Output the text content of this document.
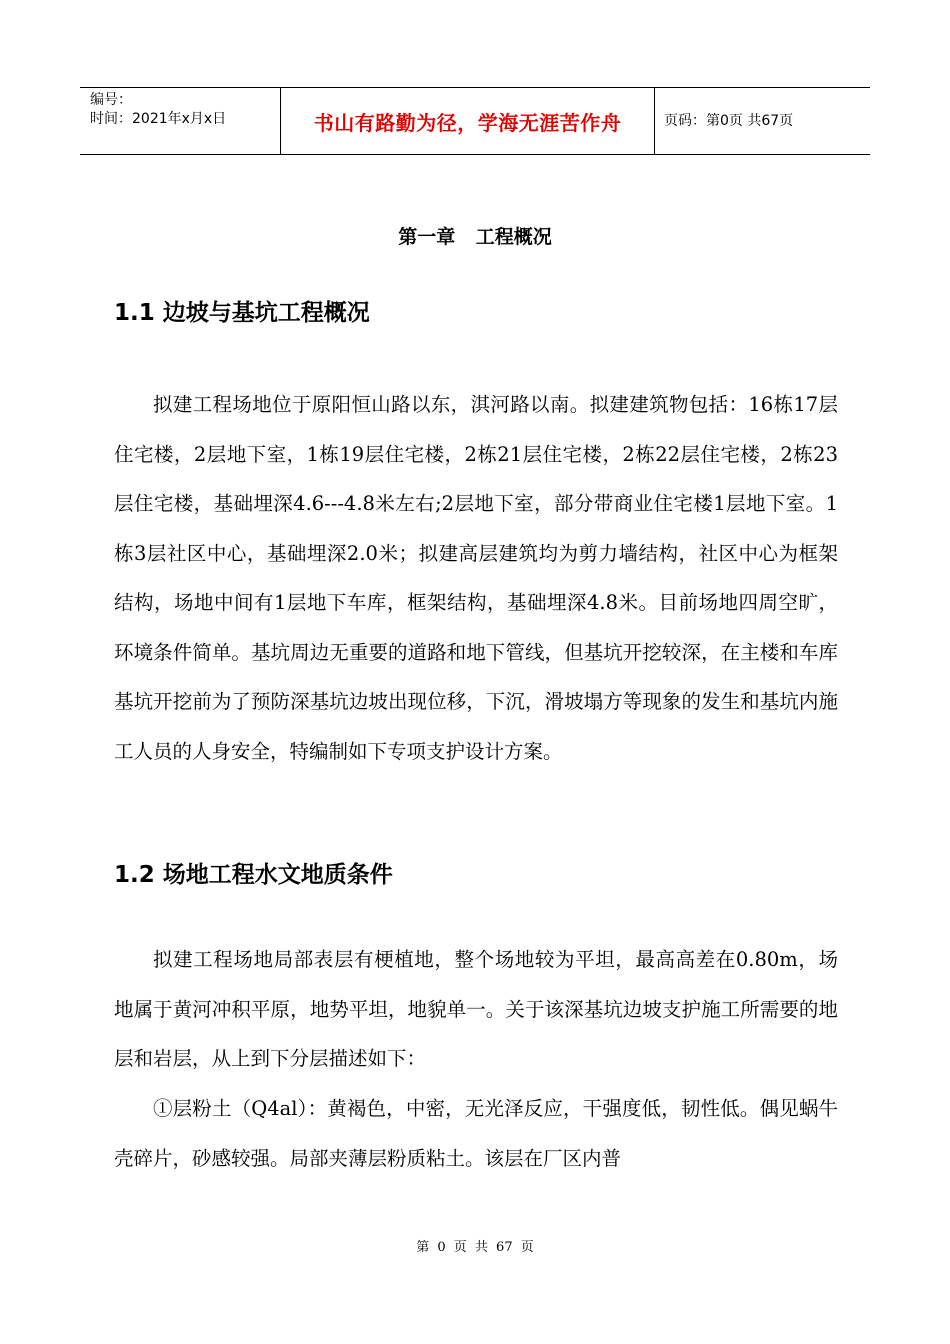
编号：
时间：2021年x月x日	书山有路勤为径，学海无涯苦作舟	页码：第0页 共67页
第一章 工程概况
1.1 边坡与基坑工程概况

拟建工程场地位于原阳恒山路以东，淇河路以南。拟建建筑物包括：16栋17层住宅楼，2层地下室，1栋19层住宅楼，2栋21层住宅楼，2栋22层住宅楼，2栋23层住宅楼，基础埋深4.6---4.8米左右;2层地下室，部分带商业住宅楼1层地下室。1栋3层社区中心，基础埋深2.0米；拟建高层建筑均为剪力墙结构，社区中心为框架结构，场地中间有1层地下车库，框架结构，基础埋深4.8米。目前场地四周空旷，环境条件简单。基坑周边无重要的道路和地下管线，但基坑开挖较深，在主楼和车库基坑开挖前为了预防深基坑边坡出现位移，下沉，滑坡塌方等现象的发生和基坑内施工人员的人身安全，特编制如下专项支护设计方案。

1.2 场地工程水文地质条件

拟建工程场地局部表层有梗植地，整个场地较为平坦，最高高差在0.80m，场地属于黄河冲积平原，地势平坦，地貌单一。关于该深基坑边坡支护施工所需要的地层和岩层，从上到下分层描述如下：

①层粉土（Q4al）：黄褐色，中密，无光泽反应，干强度低，韧性低。偶见蜗牛壳碎片，砂感较强。局部夹薄层粉质粘土。该层在厂区内普

第 0 页 共 67 页
